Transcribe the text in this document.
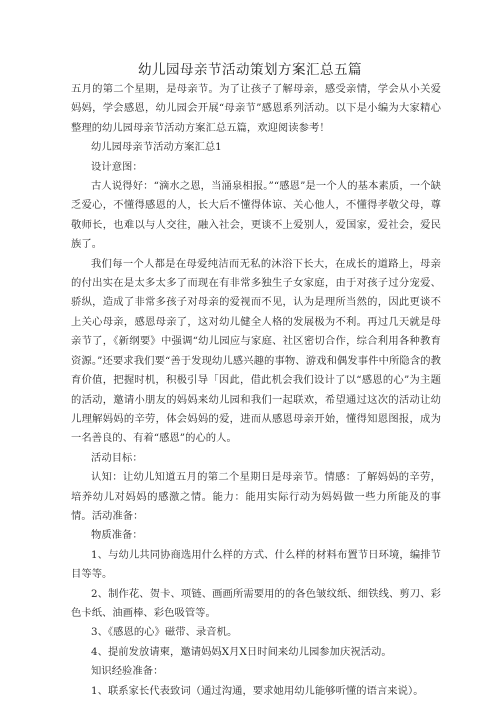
幼儿园母亲节活动策划方案汇总五篇

五月的第二个星期，是母亲节。为了让孩子了解母亲，感受亲情，学会从小关爱妈妈，学会感恩，幼儿园会开展“母亲节”感恩系列活动。以下是小编为大家精心整理的幼儿园母亲节活动方案汇总五篇，欢迎阅读参考！

幼儿园母亲节活动方案汇总1

设计意图：

古人说得好：“滴水之恩，当涌泉相报。”“感恩”是一个人的基本素质，一个缺乏爱心，不懂得感恩的人，长大后不懂得体谅、关心他人，不懂得孝敬父母，尊敬师长，也难以与人交往，融入社会，更谈不上爱别人，爱国家，爱社会，爱民族了。

我们每一个人都是在母爱纯洁而无私的沐浴下长大，在成长的道路上，母亲的付出实在是太多太多了而现在有非常多独生子女家庭，由于对孩子过分宠爱、骄纵，造成了非常多孩子对母亲的爱视而不见，认为是理所当然的，因此更谈不上关心母亲，感恩母亲了，这对幼儿健全人格的发展极为不利。再过几天就是母亲节了，《新纲要》中强调“幼儿园应与家庭、社区密切合作，综合利用各种教育资源。”还要求我们要“善于发现幼儿感兴趣的事物、游戏和偶发事件中所隐含的教育价值，把握时机，积极引导「因此，借此机会我们设计了以“感恩的心”为主题的活动，邀请小朋友的妈妈来幼儿园和我们一起联欢，希望通过这次的活动让幼儿理解妈妈的辛劳，体会妈妈的爱，进而从感恩母亲开始，懂得知恩图报，成为一名善良的、有着“感恩”的心的人。

活动目标：

认知：让幼儿知道五月的第二个星期日是母亲节。情感：了解妈妈的辛劳，培养幼儿对妈妈的感激之情。能力：能用实际行动为妈妈做一些力所能及的事情。活动准备：

物质准备：

1、与幼儿共同协商选用什么样的方式、什么样的材料布置节日环境，编排节目等等。

2、制作花、贺卡、项链、画画所需要用的的各色皱纹纸、细铁线、剪刀、彩色卡纸、油画棒、彩色吸管等。

3、《感恩的心》磁带、录音机。

4、提前发放请柬，邀请妈妈X月X日时间来幼儿园参加庆祝活动。

知识经验准备：

1、联系家长代表致词（通过沟通，要求她用幼儿能够听懂的语言来说）。
